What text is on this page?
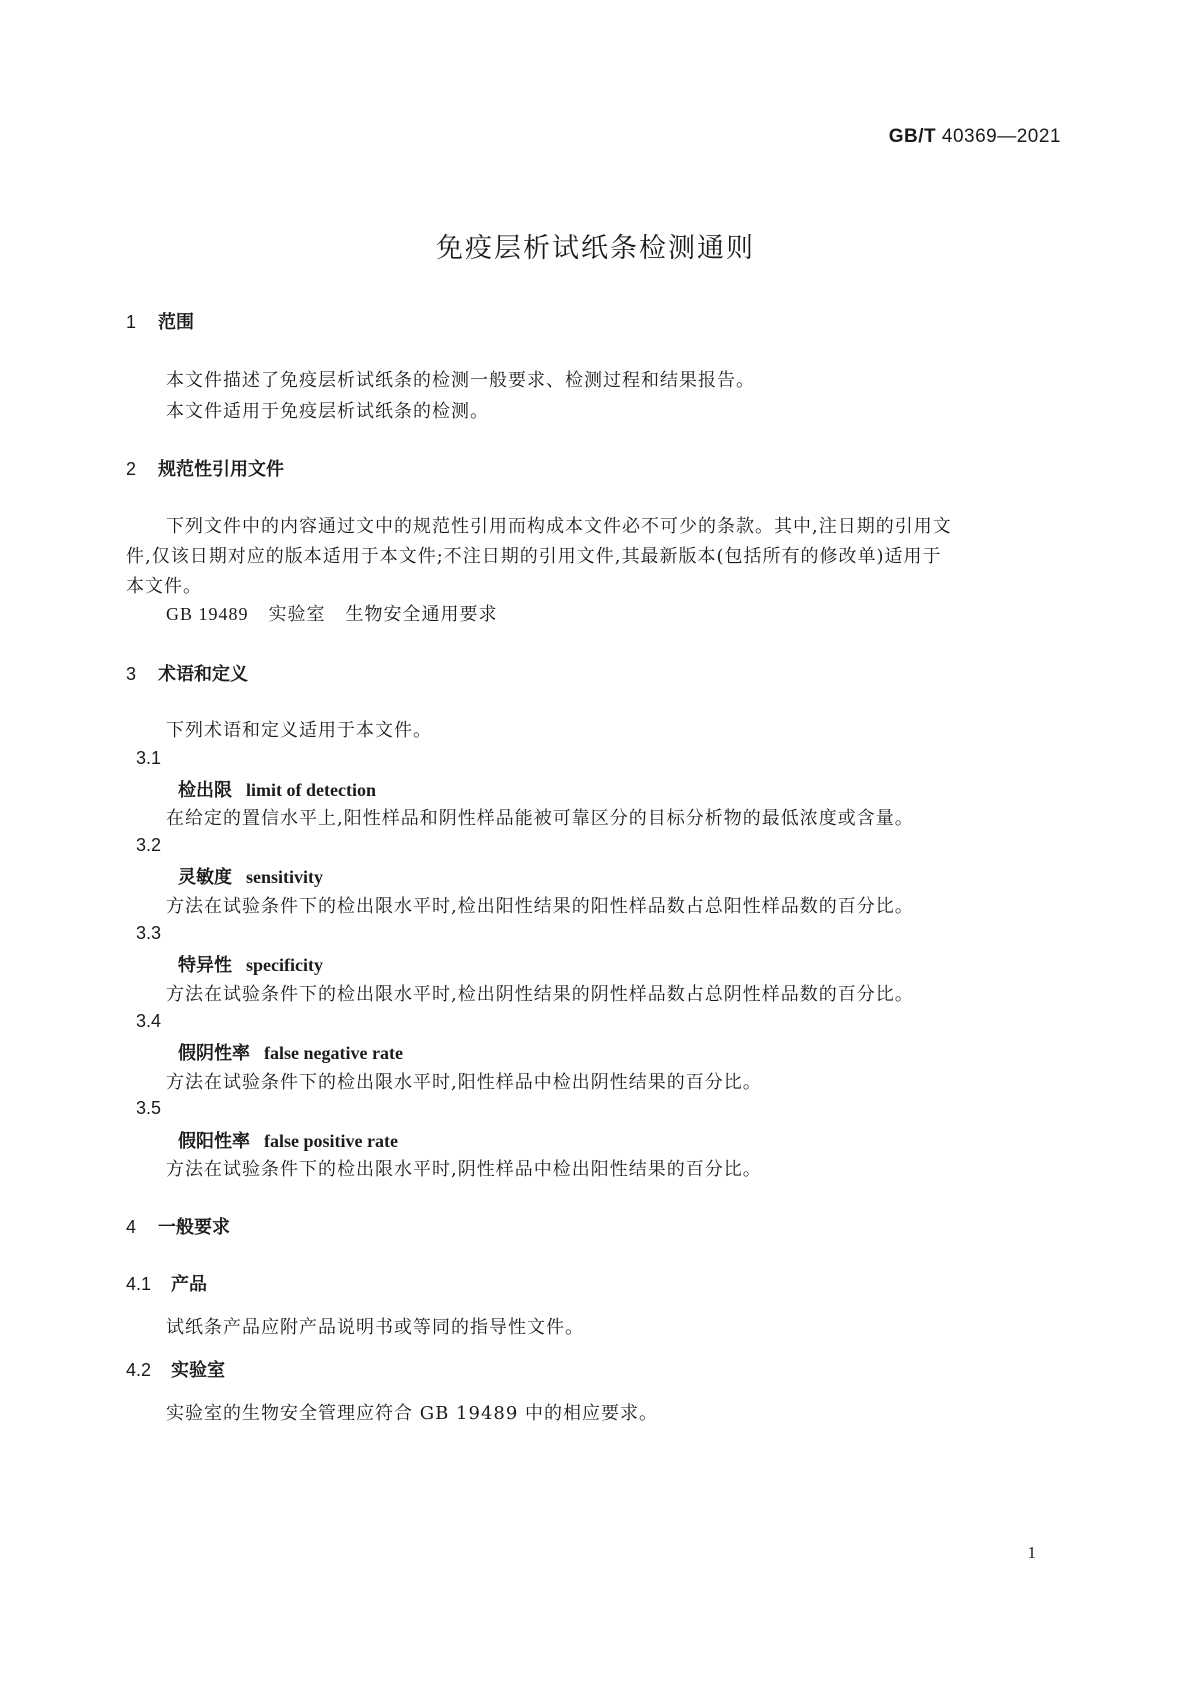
GB/T 40369—2021
免疫层析试纸条检测通则
1 范围
本文件描述了免疫层析试纸条的检测一般要求、检测过程和结果报告。
本文件适用于免疫层析试纸条的检测。
2 规范性引用文件
下列文件中的内容通过文中的规范性引用而构成本文件必不可少的条款。其中,注日期的引用文
件,仅该日期对应的版本适用于本文件;不注日期的引用文件,其最新版本(包括所有的修改单)适用于
本文件。
GB 19489 实验室 生物安全通用要求
3 术语和定义
下列术语和定义适用于本文件。
3.1
检出限 limit of detection
在给定的置信水平上,阳性样品和阴性样品能被可靠区分的目标分析物的最低浓度或含量。
3.2
灵敏度 sensitivity
方法在试验条件下的检出限水平时,检出阳性结果的阳性样品数占总阳性样品数的百分比。
3.3
特异性 specificity
方法在试验条件下的检出限水平时,检出阴性结果的阴性样品数占总阴性样品数的百分比。
3.4
假阴性率 false negative rate
方法在试验条件下的检出限水平时,阳性样品中检出阴性结果的百分比。
3.5
假阳性率 false positive rate
方法在试验条件下的检出限水平时,阴性样品中检出阳性结果的百分比。
4 一般要求
4.1 产品
试纸条产品应附产品说明书或等同的指导性文件。
4.2 实验室
实验室的生物安全管理应符合 GB 19489 中的相应要求。
1
